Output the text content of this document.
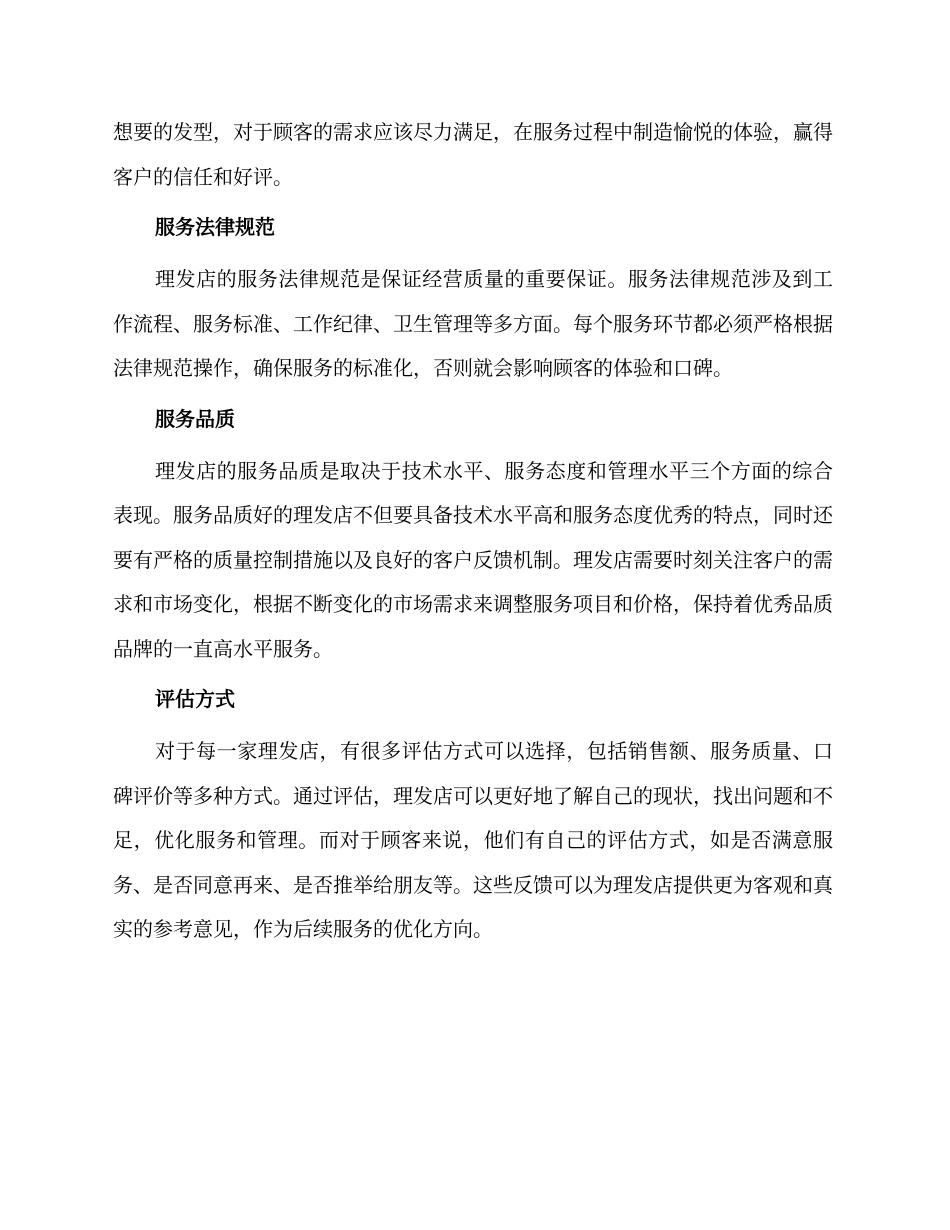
想要的发型，对于顾客的需求应该尽力满足，在服务过程中制造愉悦的体验，赢得客户的信任和好评。

服务法律规范

理发店的服务法律规范是保证经营质量的重要保证。服务法律规范涉及到工作流程、服务标准、工作纪律、卫生管理等多方面。每个服务环节都必须严格根据法律规范操作，确保服务的标准化，否则就会影响顾客的体验和口碑。

服务品质

理发店的服务品质是取决于技术水平、服务态度和管理水平三个方面的综合表现。服务品质好的理发店不但要具备技术水平高和服务态度优秀的特点，同时还要有严格的质量控制措施以及良好的客户反馈机制。理发店需要时刻关注客户的需求和市场变化，根据不断变化的市场需求来调整服务项目和价格，保持着优秀品质品牌的一直高水平服务。

评估方式

对于每一家理发店，有很多评估方式可以选择，包括销售额、服务质量、口碑评价等多种方式。通过评估，理发店可以更好地了解自己的现状，找出问题和不足，优化服务和管理。而对于顾客来说，他们有自己的评估方式，如是否满意服务、是否同意再来、是否推举给朋友等。这些反馈可以为理发店提供更为客观和真实的参考意见，作为后续服务的优化方向。
